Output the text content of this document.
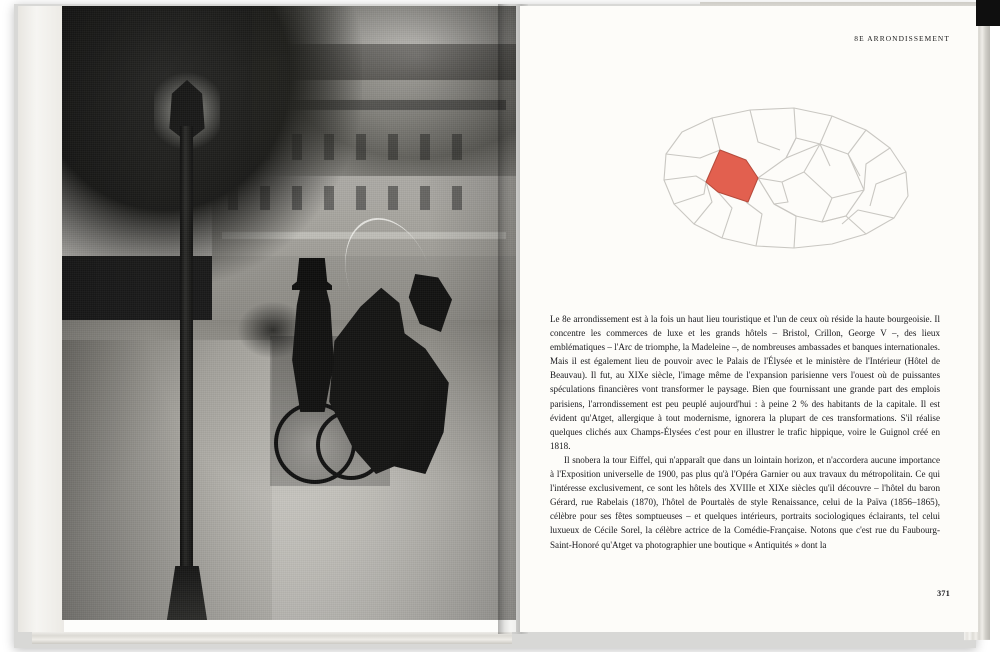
8E ARRONDISSEMENT

Le 8e arrondissement est à la fois un haut lieu touristique et l'un de ceux où réside la haute bourgeoisie. Il concentre les commerces de luxe et les grands hôtels – Bristol, Crillon, George V –, des lieux emblématiques – l'Arc de triomphe, la Madeleine –, de nombreuses ambassades et banques internationales. Mais il est également lieu de pouvoir avec le Palais de l'Élysée et le ministère de l'Intérieur (Hôtel de Beauvau). Il fut, au XIXe siècle, l'image même de l'expansion parisienne vers l'ouest où de puissantes spéculations financières vont transformer le paysage. Bien que fournissant une grande part des emplois parisiens, l'arrondissement est peu peuplé aujourd'hui : à peine 2 % des habitants de la capitale. Il est évident qu'Atget, allergique à tout modernisme, ignorera la plupart de ces transformations. S'il réalise quelques clichés aux Champs-Élysées c'est pour en illustrer le trafic hippique, voire le Guignol créé en 1818.

Il snobera la tour Eiffel, qui n'apparaît que dans un lointain horizon, et n'accordera aucune importance à l'Exposition universelle de 1900, pas plus qu'à l'Opéra Garnier ou aux travaux du métropolitain. Ce qui l'intéresse exclusivement, ce sont les hôtels des XVIIIe et XIXe siècles qu'il découvre – l'hôtel du baron Gérard, rue Rabelais (1870), l'hôtel de Pourtalès de style Renaissance, celui de la Païva (1856–1865), célèbre pour ses fêtes somptueuses – et quelques intérieurs, portraits sociologiques éclairants, tel celui luxueux de Cécile Sorel, la célèbre actrice de la Comédie-Française. Notons que c'est rue du Faubourg-Saint-Honoré qu'Atget va photographier une boutique « Antiquités » dont la

371
